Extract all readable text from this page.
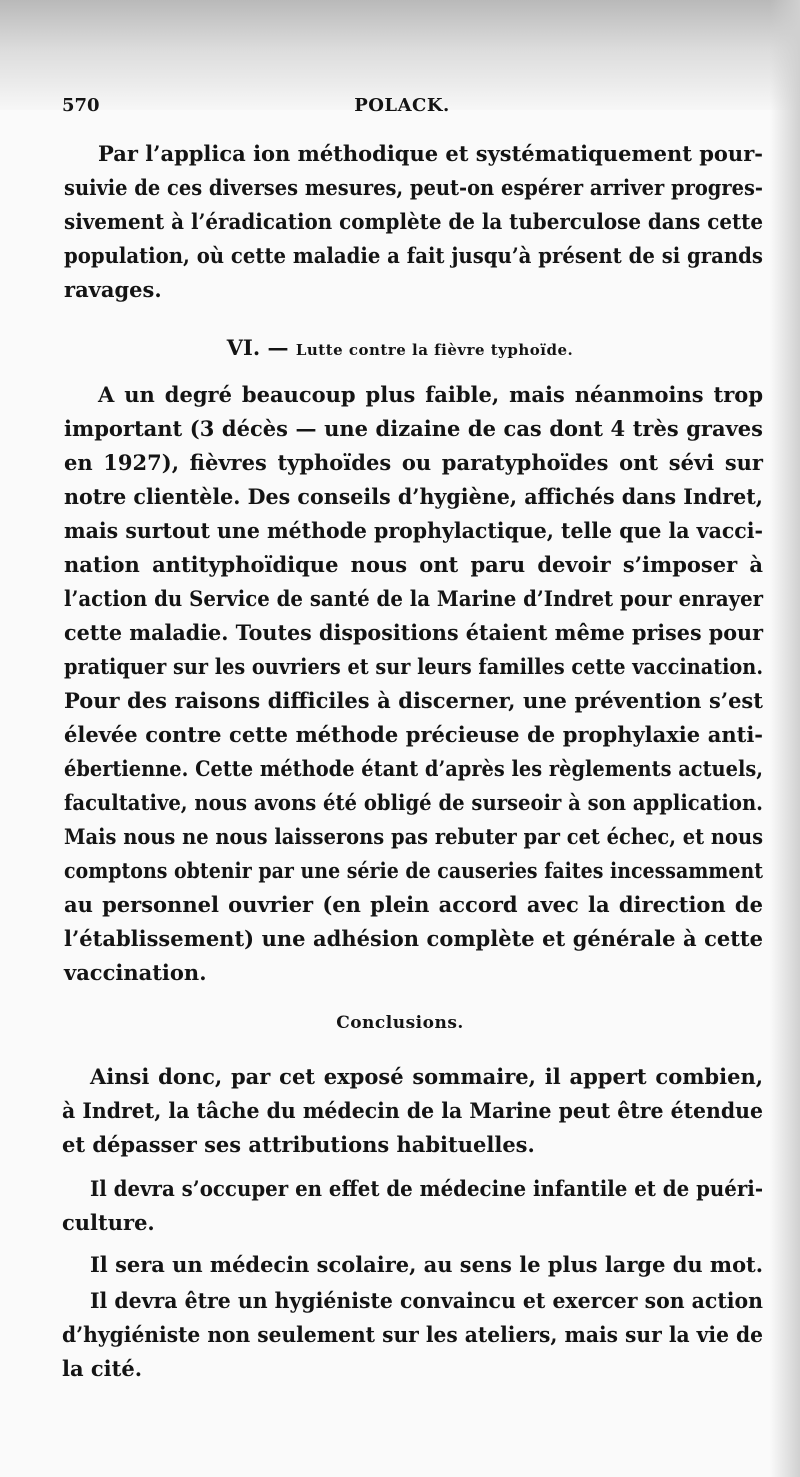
570	POLACK.
Par l’applica ion méthodique et systématiquement pour-
suivie de ces diverses mesures, peut-on espérer arriver progres-
sivement à l’éradication complète de la tuberculose dans cette
population, où cette maladie a fait jusqu’à présent de si grands
ravages.
VI. — Lutte contre la fièvre typhoïde.
A un degré beaucoup plus faible, mais néanmoins trop
important (3 décès — une dizaine de cas dont 4 très graves
en 1927), fièvres typhoïdes ou paratyphoïdes ont sévi sur
notre clientèle. Des conseils d’hygiène, affichés dans Indret,
mais surtout une méthode prophylactique, telle que la vacci-
nation antityphoïdique nous ont paru devoir s’imposer à
l’action du Service de santé de la Marine d’Indret pour enrayer
cette maladie. Toutes dispositions étaient même prises pour
pratiquer sur les ouvriers et sur leurs familles cette vaccination.
Pour des raisons difficiles à discerner, une prévention s’est
élevée contre cette méthode précieuse de prophylaxie anti-
ébertienne. Cette méthode étant d’après les règlements actuels,
facultative, nous avons été obligé de surseoir à son application.
Mais nous ne nous laisserons pas rebuter par cet échec, et nous
comptons obtenir par une série de causeries faites incessamment
au personnel ouvrier (en plein accord avec la direction de
l’établissement) une adhésion complète et générale à cette
vaccination.
Conclusions.
Ainsi donc, par cet exposé sommaire, il appert combien,
à Indret, la tâche du médecin de la Marine peut être étendue
et dépasser ses attributions habituelles.
Il devra s’occuper en effet de médecine infantile et de puéri-
culture.
Il sera un médecin scolaire, au sens le plus large du mot.
Il devra être un hygiéniste convaincu et exercer son action
d’hygiéniste non seulement sur les ateliers, mais sur la vie de
la cité.
